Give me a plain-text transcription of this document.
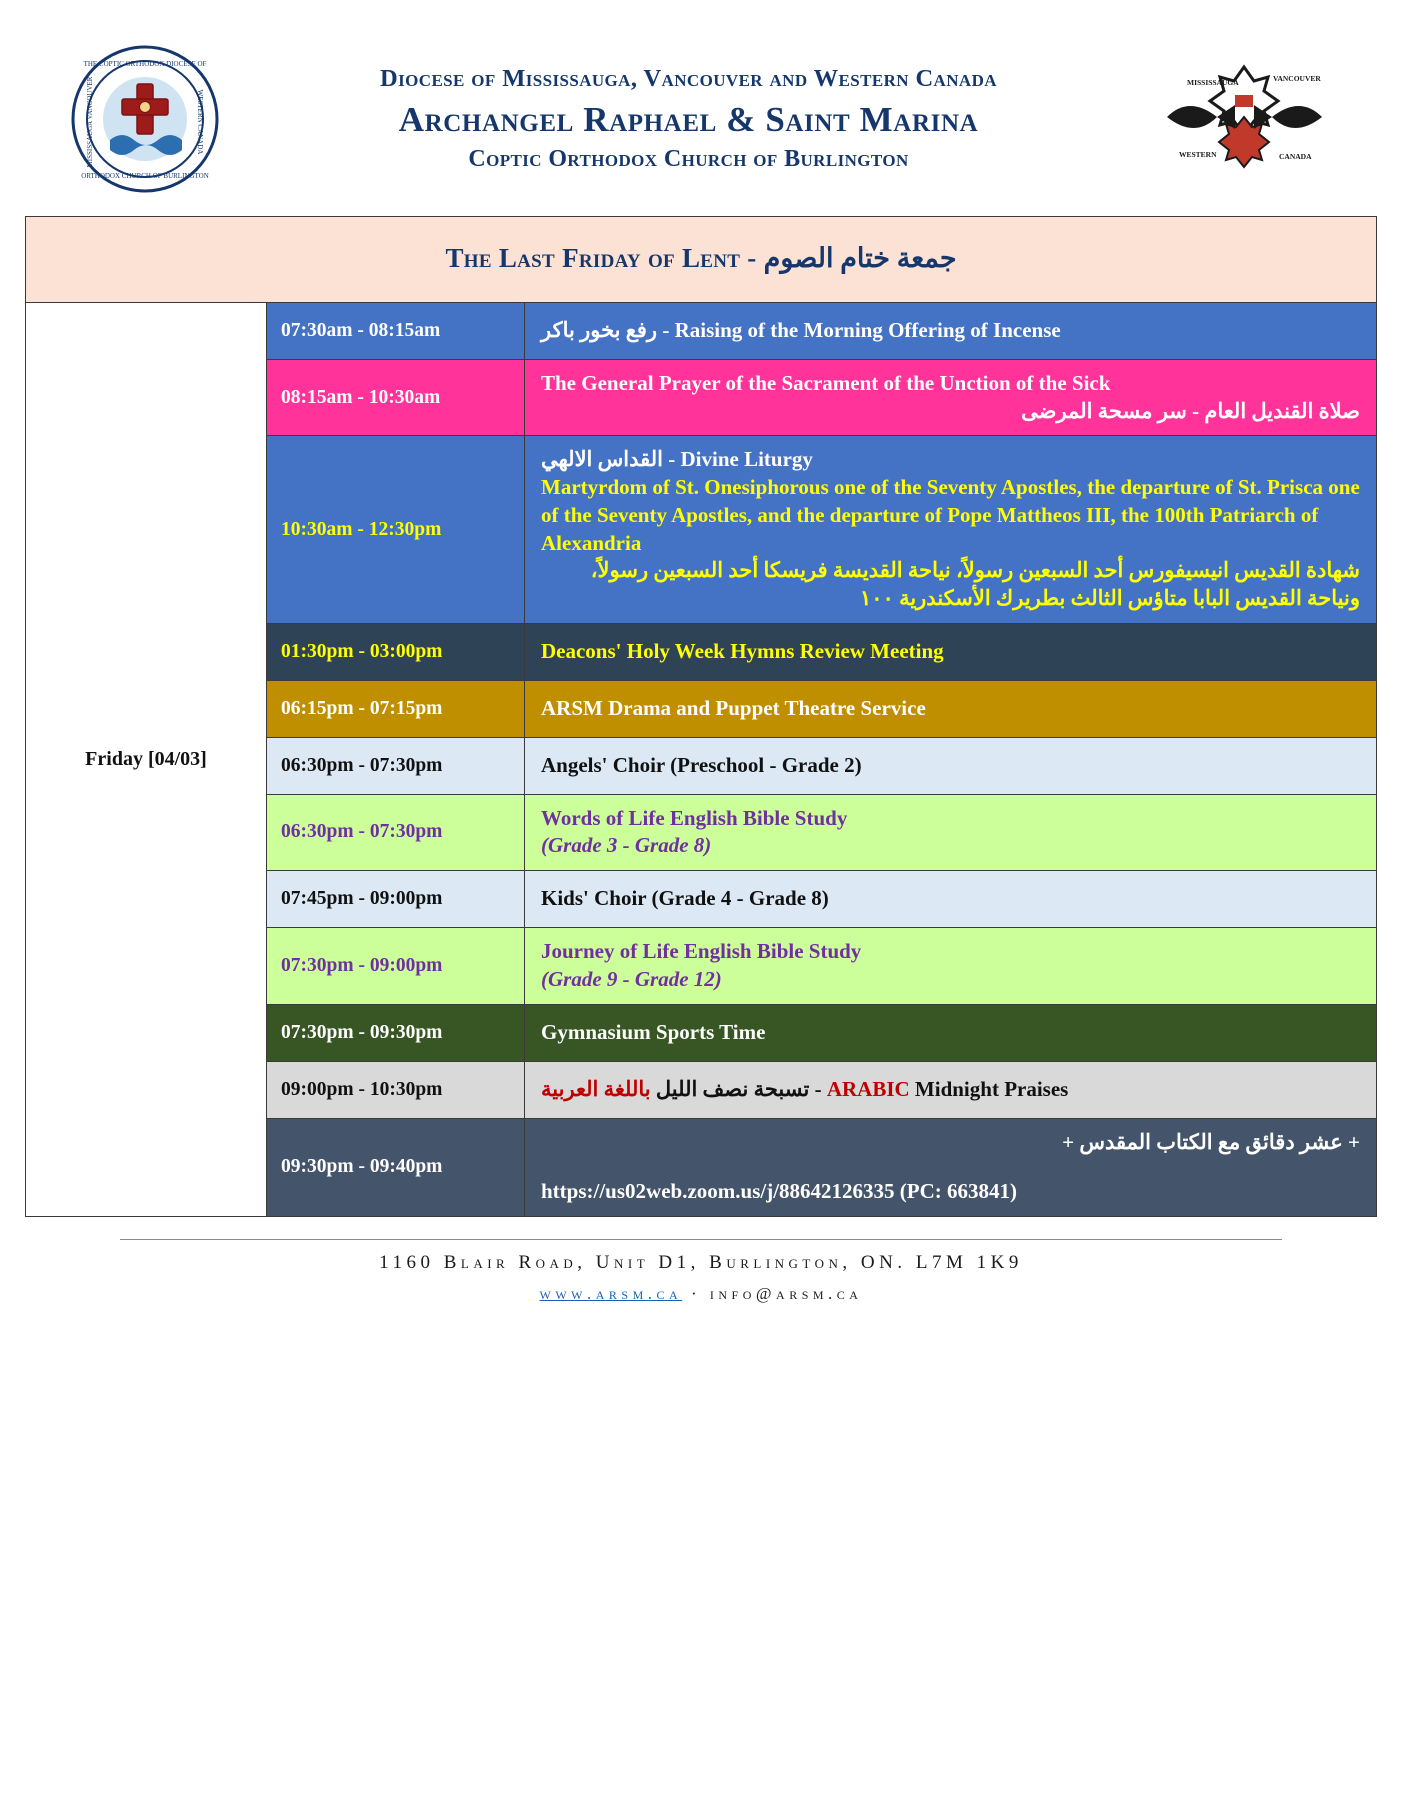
THE COPTIC ORTHODOX DIOCESE OF
ORTHODOX CHURCH OF BURLINGTON
MISSISSAUGA VANCOUVER	WESTERN CANADA
Diocese of Mississauga, Vancouver and Western Canada
Archangel Raphael & Saint Marina
Coptic Orthodox Church of Burlington
MISSISSAUGA	VANCOUVER
WESTERN	CANADA
The Last Friday of Lent - جمعة ختام الصوم
Friday [04/03]
07:30am - 08:15am	Raising of the Morning Offering of Incense - رفع بخور باكر
08:15am - 10:30am
The General Prayer of the Sacrament of the Unction of the Sick
صلاة القنديل العام - سر مسحة المرضى
10:30am - 12:30pm
Divine Liturgy - القداس الالهي
Martyrdom of St. Onesiphorous one of the Seventy Apostles, the departure of St. Prisca one of the Seventy Apostles, and the departure of Pope Mattheos III, the 100th Patriarch of Alexandria
شهادة القديس انيسيفورس أحد السبعين رسولاً، نياحة القديسة فريسكا أحد السبعين رسولاً، ونياحة القديس البابا متاؤس الثالث بطريرك الأسكندرية ١٠٠
01:30pm - 03:00pm	Deacons' Holy Week Hymns Review Meeting
06:15pm - 07:15pm	ARSM Drama and Puppet Theatre Service
06:30pm - 07:30pm	Angels' Choir (Preschool - Grade 2)
06:30pm - 07:30pm
Words of Life English Bible Study
(Grade 3 - Grade 8)
07:45pm - 09:00pm	Kids' Choir (Grade 4 - Grade 8)
07:30pm - 09:00pm
Journey of Life English Bible Study
(Grade 9 - Grade 12)
07:30pm - 09:30pm	Gymnasium Sports Time
09:00pm - 10:30pm	ARABIC Midnight Praises - تسبحة نصف الليل باللغة العربية
09:30pm - 09:40pm
+ عشر دقائق مع الكتاب المقدس +
https://us02web.zoom.us/j/88642126335 (PC: 663841)
1160 Blair Road, Unit D1, Burlington, ON. L7M 1K9
www.arsm.ca · info@arsm.ca
